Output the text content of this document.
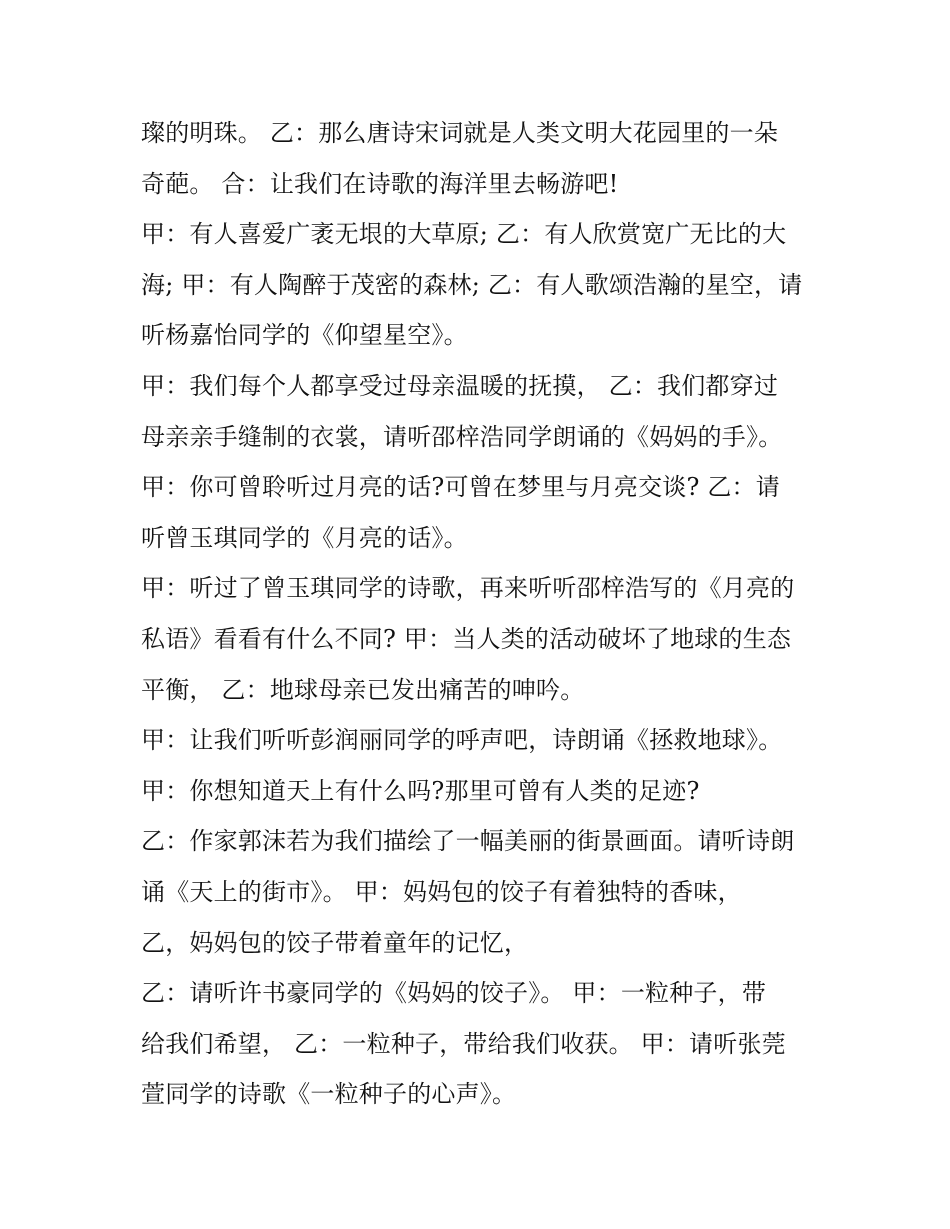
璨的明珠。 乙：那么唐诗宋词就是人类文明大花园里的一朵
奇葩。 合：让我们在诗歌的海洋里去畅游吧!
甲：有人喜爱广袤无垠的大草原; 乙：有人欣赏宽广无比的大
海; 甲：有人陶醉于茂密的森林; 乙：有人歌颂浩瀚的星空，请
听杨嘉怡同学的《仰望星空》。
甲：我们每个人都享受过母亲温暖的抚摸， 乙：我们都穿过
母亲亲手缝制的衣裳，请听邵梓浩同学朗诵的《妈妈的手》。
甲：你可曾聆听过月亮的话?可曾在梦里与月亮交谈? 乙：请
听曾玉琪同学的《月亮的话》。
甲：听过了曾玉琪同学的诗歌，再来听听邵梓浩写的《月亮的
私语》看看有什么不同? 甲：当人类的活动破坏了地球的生态
平衡， 乙：地球母亲已发出痛苦的呻吟。
甲：让我们听听彭润丽同学的呼声吧，诗朗诵《拯救地球》。
甲：你想知道天上有什么吗?那里可曾有人类的足迹?
乙：作家郭沫若为我们描绘了一幅美丽的街景画面。请听诗朗
诵《天上的街市》。 甲：妈妈包的饺子有着独特的香味，
乙，妈妈包的饺子带着童年的记忆，
乙：请听许书豪同学的《妈妈的饺子》。 甲：一粒种子，带
给我们希望， 乙：一粒种子，带给我们收获。 甲：请听张莞
萱同学的诗歌《一粒种子的心声》。
